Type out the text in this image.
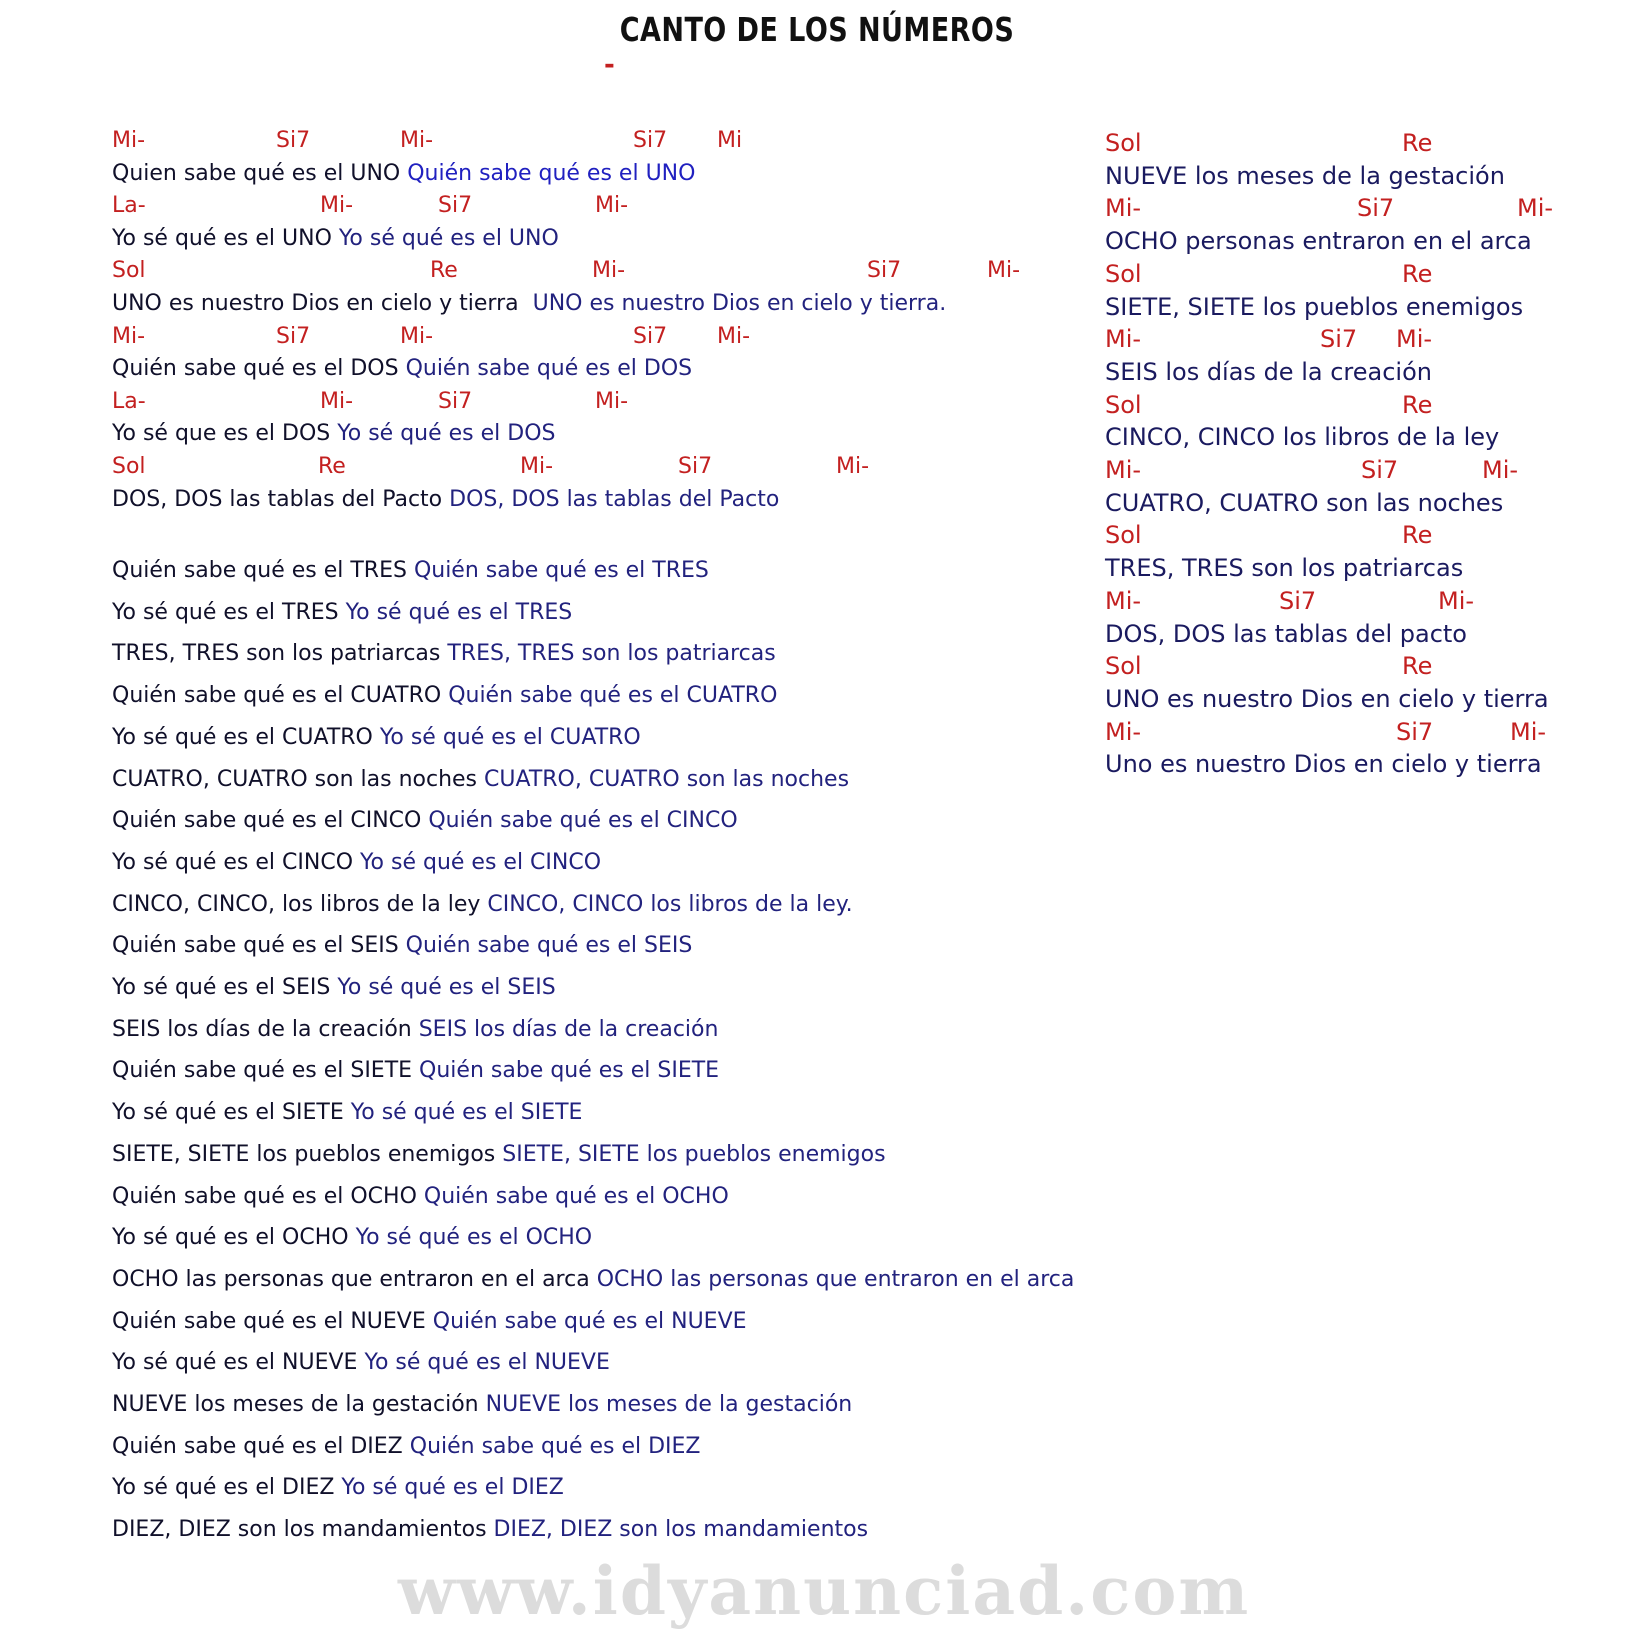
CANTO DE LOS NÚMEROS
-
Mi-	Si7	Mi-	Si7 Mi
Quien sabe qué es el UNO Quién sabe qué es el UNO
La-	Mi-	Si7	Mi-
Yo sé qué es el UNO Yo sé qué es el UNO
Sol	Re	Mi-	Si7	Mi-
UNO es nuestro Dios en cielo y tierra  UNO es nuestro Dios en cielo y tierra.
Mi-	Si7	Mi-	Si7 Mi-
Quién sabe qué es el DOS Quién sabe qué es el DOS
La-	Mi-	Si7	Mi-
Yo sé que es el DOS Yo sé qué es el DOS
Sol	Re	Mi-	Si7	Mi-
DOS, DOS las tablas del Pacto DOS, DOS las tablas del Pacto
Quién sabe qué es el TRES Quién sabe qué es el TRES
Yo sé qué es el TRES Yo sé qué es el TRES
TRES, TRES son los patriarcas TRES, TRES son los patriarcas
Quién sabe qué es el CUATRO Quién sabe qué es el CUATRO
Yo sé qué es el CUATRO Yo sé qué es el CUATRO
CUATRO, CUATRO son las noches CUATRO, CUATRO son las noches
Quién sabe qué es el CINCO Quién sabe qué es el CINCO
Yo sé qué es el CINCO Yo sé qué es el CINCO
CINCO, CINCO, los libros de la ley CINCO, CINCO los libros de la ley.
Quién sabe qué es el SEIS Quién sabe qué es el SEIS
Yo sé qué es el SEIS Yo sé qué es el SEIS
SEIS los días de la creación SEIS los días de la creación
Quién sabe qué es el SIETE Quién sabe qué es el SIETE
Yo sé qué es el SIETE Yo sé qué es el SIETE
SIETE, SIETE los pueblos enemigos SIETE, SIETE los pueblos enemigos
Quién sabe qué es el OCHO Quién sabe qué es el OCHO
Yo sé qué es el OCHO Yo sé qué es el OCHO
OCHO las personas que entraron en el arca OCHO las personas que entraron en el arca
Quién sabe qué es el NUEVE Quién sabe qué es el NUEVE
Yo sé qué es el NUEVE Yo sé qué es el NUEVE
NUEVE los meses de la gestación NUEVE los meses de la gestación
Quién sabe qué es el DIEZ Quién sabe qué es el DIEZ
Yo sé qué es el DIEZ Yo sé qué es el DIEZ
DIEZ, DIEZ son los mandamientos DIEZ, DIEZ son los mandamientos
Sol	Re
NUEVE los meses de la gestación
Mi-	Si7	Mi-
OCHO personas entraron en el arca
Sol	Re
SIETE, SIETE los pueblos enemigos
Mi-	Si7 Mi-
SEIS los días de la creación
Sol	Re
CINCO, CINCO los libros de la ley
Mi-	Si7	Mi-
CUATRO, CUATRO son las noches
Sol	Re
TRES, TRES son los patriarcas
Mi-	Si7	Mi-
DOS, DOS las tablas del pacto
Sol	Re
UNO es nuestro Dios en cielo y tierra
Mi-	Si7	Mi-
Uno es nuestro Dios en cielo y tierra
www.idyanunciad.com
